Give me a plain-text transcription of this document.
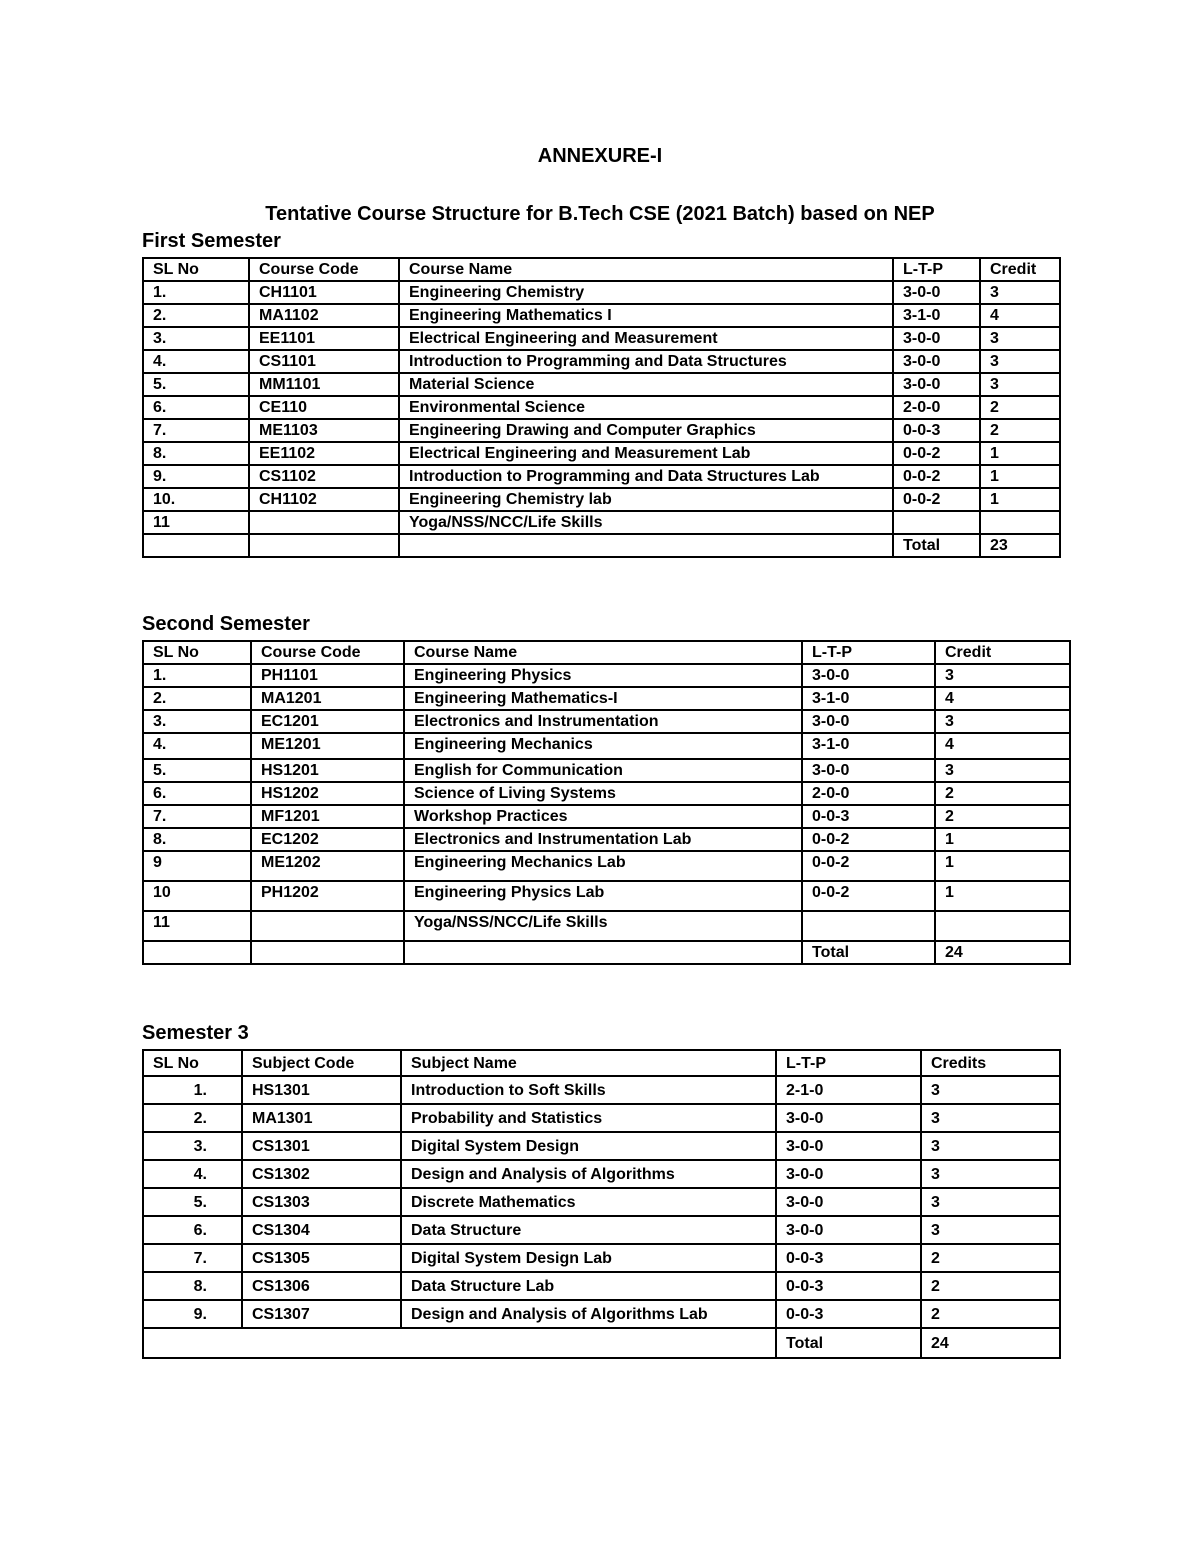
ANNEXURE-I
Tentative Course Structure for B.Tech CSE (2021 Batch) based on NEP
First Semester
SL No	Course Code	Course Name	L-T-P	Credit
1.	CH1101	Engineering Chemistry	3-0-0	3
2.	MA1102	Engineering Mathematics I	3-1-0	4
3.	EE1101	Electrical Engineering and Measurement	3-0-0	3
4.	CS1101	Introduction to Programming and Data Structures	3-0-0	3
5.	MM1101	Material Science	3-0-0	3
6.	CE110	Environmental Science	2-0-0	2
7.	ME1103	Engineering Drawing and Computer Graphics	0-0-3	2
8.	EE1102	Electrical Engineering and Measurement Lab	0-0-2	1
9.	CS1102	Introduction to Programming and Data Structures Lab	0-0-2	1
10.	CH1102	Engineering Chemistry lab	0-0-2	1
11		Yoga/NSS/NCC/Life Skills		
			Total	23
Second Semester
SL No	Course Code	Course Name	L-T-P	Credit
1.	PH1101	Engineering Physics	3-0-0	3
2.	MA1201	Engineering Mathematics-I	3-1-0	4
3.	EC1201	Electronics and Instrumentation	3-0-0	3
4.	ME1201	Engineering Mechanics	3-1-0	4
5.	HS1201	English for Communication	3-0-0	3
6.	HS1202	Science of Living Systems	2-0-0	2
7.	MF1201	Workshop Practices	0-0-3	2
8.	EC1202	Electronics and Instrumentation Lab	0-0-2	1
9	ME1202	Engineering Mechanics Lab	0-0-2	1
10	PH1202	Engineering Physics Lab	0-0-2	1
11		Yoga/NSS/NCC/Life Skills		
			Total	24
Semester 3
SL No	Subject Code	Subject Name	L-T-P	Credits
1.	HS1301	Introduction to Soft Skills	2-1-0	3
2.	MA1301	Probability and Statistics	3-0-0	3
3.	CS1301	Digital System Design	3-0-0	3
4.	CS1302	Design and Analysis of Algorithms	3-0-0	3
5.	CS1303	Discrete Mathematics	3-0-0	3
6.	CS1304	Data Structure	3-0-0	3
7.	CS1305	Digital System Design Lab	0-0-3	2
8.	CS1306	Data Structure Lab	0-0-3	2
9.	CS1307	Design and Analysis of Algorithms Lab	0-0-3	2
			Total	24
